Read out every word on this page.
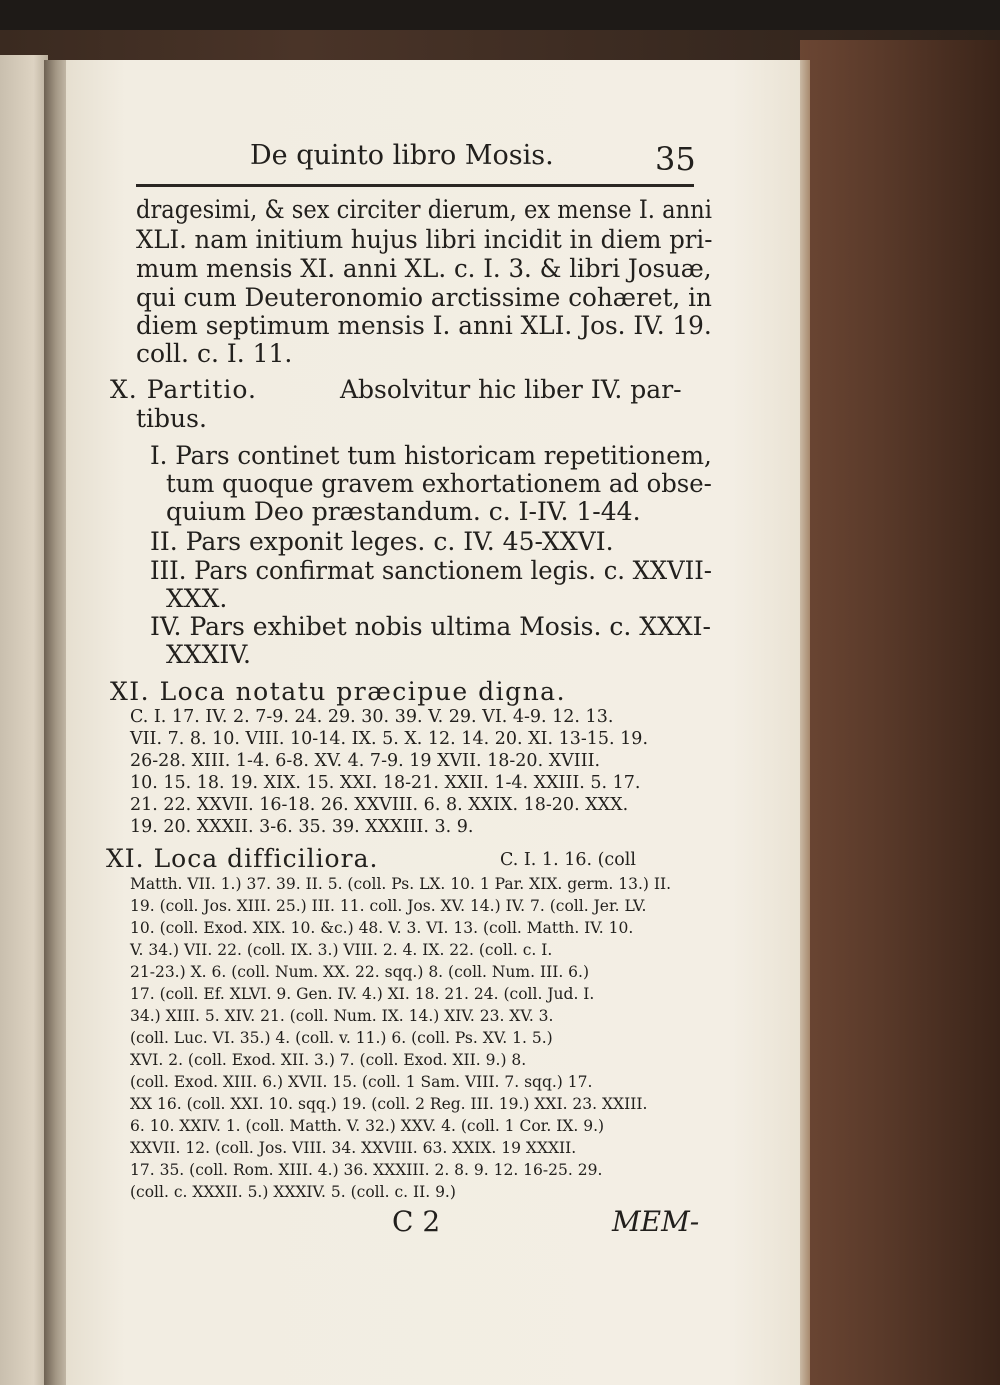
De quinto libro Mosis.	35
dragesimi, & sex circiter dierum, ex mense I. anni
XLI. nam initium hujus libri incidit in diem pri-
mum mensis XI. anni XL. c. I. 3. & libri Josuæ,
qui cum Deuteronomio arctissime cohæret, in
diem septimum mensis I. anni XLI. Jos. IV. 19.
coll. c. I. 11.
X. Partitio.	Absolvitur hic liber IV. par-
tibus.
I. Pars continet tum historicam repetitionem,
tum quoque gravem exhortationem ad obse-
quium Deo præstandum. c. I-IV. 1-44.
II. Pars exponit leges. c. IV. 45-XXVI.
III. Pars confirmat sanctionem legis. c. XXVII-
XXX.
IV. Pars exhibet nobis ultima Mosis. c. XXXI-
XXXIV.
XI. Loca notatu præcipue digna.
C. I. 17. IV. 2. 7-9. 24. 29. 30. 39. V. 29. VI. 4-9. 12. 13.
VII. 7. 8. 10. VIII. 10-14. IX. 5. X. 12. 14. 20. XI. 13-15. 19.
26-28. XIII. 1-4. 6-8. XV. 4. 7-9. 19 XVII. 18-20. XVIII.
10. 15. 18. 19. XIX. 15. XXI. 18-21. XXII. 1-4. XXIII. 5. 17.
21. 22. XXVII. 16-18. 26. XXVIII. 6. 8. XXIX. 18-20. XXX.
19. 20. XXXII. 3-6. 35. 39. XXXIII. 3. 9.
XI. Loca difficiliora.	C. I. 1. 16. (coll
Matth. VII. 1.) 37. 39. II. 5. (coll. Ps. LX. 10. 1 Par. XIX. germ. 13.) II.
19. (coll. Jos. XIII. 25.) III. 11. coll. Jos. XV. 14.) IV. 7. (coll. Jer. LV.
10. (coll. Exod. XIX. 10. &c.) 48. V. 3. VI. 13. (coll. Matth. IV. 10.
V. 34.) VII. 22. (coll. IX. 3.) VIII. 2. 4. IX. 22. (coll. c. I.
21-23.) X. 6. (coll. Num. XX. 22. sqq.) 8. (coll. Num. III. 6.)
17. (coll. Ef. XLVI. 9. Gen. IV. 4.) XI. 18. 21. 24. (coll. Jud. I.
34.) XIII. 5. XIV. 21. (coll. Num. IX. 14.) XIV. 23. XV. 3.
(coll. Luc. VI. 35.) 4. (coll. v. 11.) 6. (coll. Ps. XV. 1. 5.)
XVI. 2. (coll. Exod. XII. 3.) 7. (coll. Exod. XII. 9.) 8.
(coll. Exod. XIII. 6.) XVII. 15. (coll. 1 Sam. VIII. 7. sqq.) 17.
XX 16. (coll. XXI. 10. sqq.) 19. (coll. 2 Reg. III. 19.) XXI. 23. XXIII.
6. 10. XXIV. 1. (coll. Matth. V. 32.) XXV. 4. (coll. 1 Cor. IX. 9.)
XXVII. 12. (coll. Jos. VIII. 34. XXVIII. 63. XXIX. 19 XXXII.
17. 35. (coll. Rom. XIII. 4.) 36. XXXIII. 2. 8. 9. 12. 16-25. 29.
(coll. c. XXXII. 5.) XXXIV. 5. (coll. c. II. 9.)
C 2	MEM-
